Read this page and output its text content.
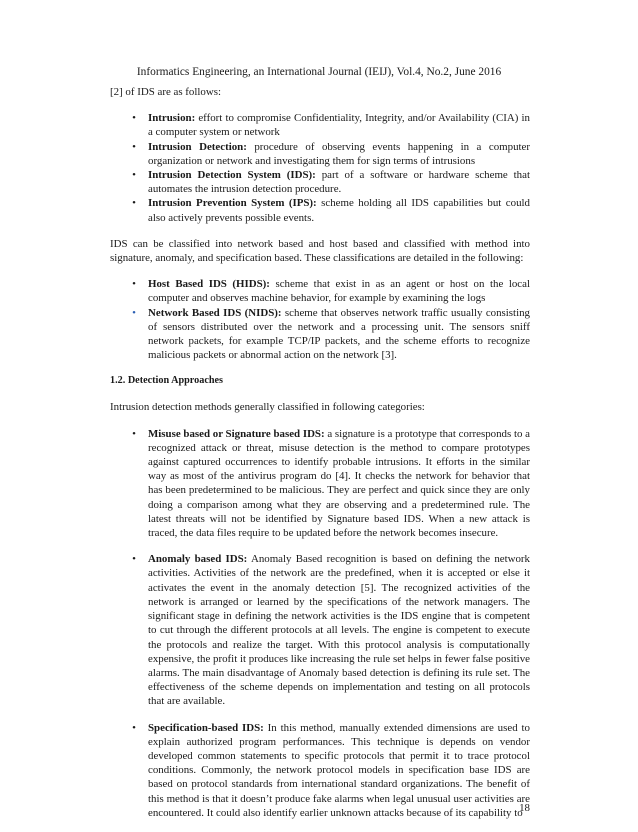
Informatics Engineering, an International Journal (IEIJ), Vol.4, No.2, June 2016

[2] of IDS are as follows:

• Intrusion: effort to compromise Confidentiality, Integrity, and/or Availability (CIA) in a computer system or network
• Intrusion Detection: procedure of observing events happening in a computer organization or network and investigating them for sign terms of intrusions
• Intrusion Detection System (IDS): part of a software or hardware scheme that automates the intrusion detection procedure.
• Intrusion Prevention System (IPS): scheme holding all IDS capabilities but could also actively prevents possible events.

IDS can be classified into network based and host based and classified with method into signature, anomaly, and specification based. These classifications are detailed in the following:

• Host Based IDS (HIDS): scheme that exist in as an agent or host on the local computer and observes machine behavior, for example by examining the logs
• Network Based IDS (NIDS): scheme that observes network traffic usually consisting of sensors distributed over the network and a processing unit. The sensors sniff network packets, for example TCP/IP packets, and the scheme efforts to recognize malicious packets or abnormal action on the network [3].
1.2. Detection Approaches

Intrusion detection methods generally classified in following categories:

• Misuse based or Signature based IDS: a signature is a prototype that corresponds to a recognized attack or threat, misuse detection is the method to compare prototypes against captured occurrences to identify probable intrusions. It efforts in the similar way as most of the antivirus program do [4]. It checks the network for behavior that has been predetermined to be malicious. They are perfect and quick since they are only doing a comparison among what they are observing and a predetermined rule. The latest threats will not be identified by Signature based IDS. When a new attack is traced, the data files require to be updated before the network becomes insecure.
• Anomaly based IDS: Anomaly Based recognition is based on defining the network activities. Activities of the network are the predefined, when it is accepted or else it activates the event in the anomaly detection [5]. The recognized activities of the network is arranged or learned by the specifications of the network managers. The significant stage in defining the network activities is the IDS engine that is competent to cut through the different protocols at all levels. The engine is competent to execute the protocols and realize the target. With this protocol analysis is computationally expensive, the profit it produces like increasing the rule set helps in fewer false positive alarms. The main disadvantage of Anomaly based detection is defining its rule set. The effectiveness of the scheme depends on implementation and testing on all protocols that are available.
• Specification-based IDS: In this method, manually extended dimensions are used to explain authorized program performances. This technique is depends on vendor developed common statements to specific protocols that permit it to trace protocol conditions. Commonly, the network protocol models in specification base IDS are based on protocol standards from international standard organizations. The benefit of this method is that it doesn’t produce fake alarms when legal unusual user activities are encountered. It could also identify earlier unknown attacks because of its capability to
18
